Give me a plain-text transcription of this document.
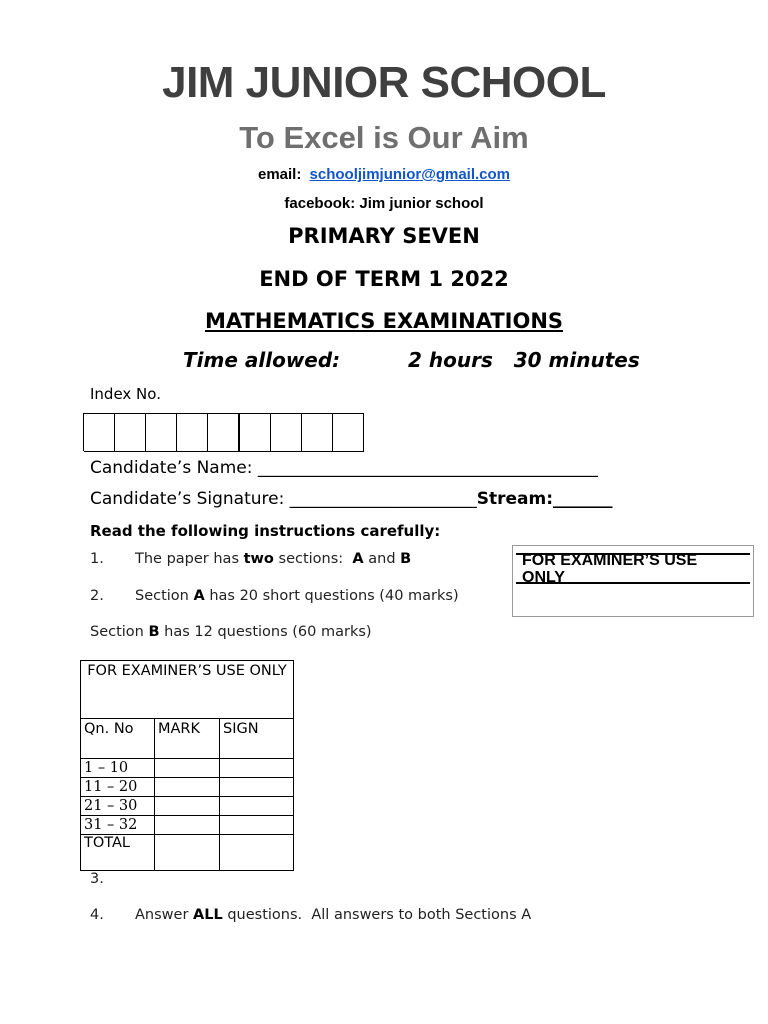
JIM JUNIOR SCHOOL
To Excel is Our Aim
email: schooljimjunior@gmail.com
facebook: Jim junior school
PRIMARY SEVEN
END OF TERM 1 2022
MATHEMATICS EXAMINATIONS
Time allowed:	2 hours   30 minutes
Index No.
Candidate’s Name: ________________________________________
Candidate’s Signature: ______________________Stream:_______
Read the following instructions carefully:
1. The paper has two sections:  A and B
2. Section A has 20 short questions (40 marks)
Section B has 12 questions (60 marks)
FOR EXAMINER’S USE ONLY
FOR EXAMINER’S USE ONLY		
Qn. No	MARK	SIGN
1 – 10		
11 – 20		
21 – 30		
31 – 32		
TOTAL		
3.
4. Answer ALL questions.  All answers to both Sections A
